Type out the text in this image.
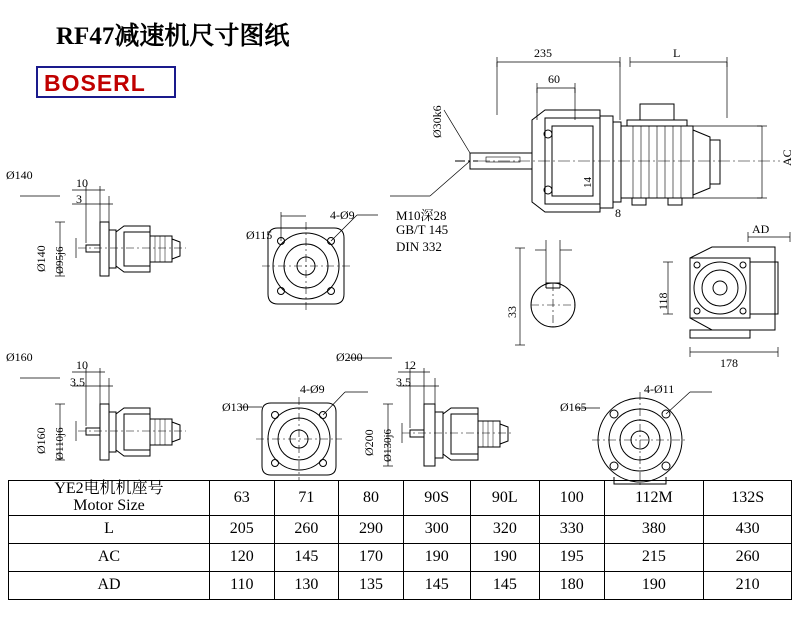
RF47减速机尺寸图纸
BOSERL
235	L
60
Ø30k6
14
AC
AD
M10深28
GB/T 145
DIN 332
8
33
118
178
Ø140
10
3
Ø140 Ø95j6
Ø115
4-Ø9
Ø160
10
3.5
Ø160 Ø110j6
Ø130
4-Ø9
Ø200
12
3.5
Ø200 Ø130j6
Ø165
4-Ø11
YE2电机机座号
Motor Size	63	71	80	90S	90L	100	112M	132S
L	205	260	290	300	320	330	380	430
AC	120	145	170	190	190	195	215	260
AD	110	130	135	145	145	180	190	210
